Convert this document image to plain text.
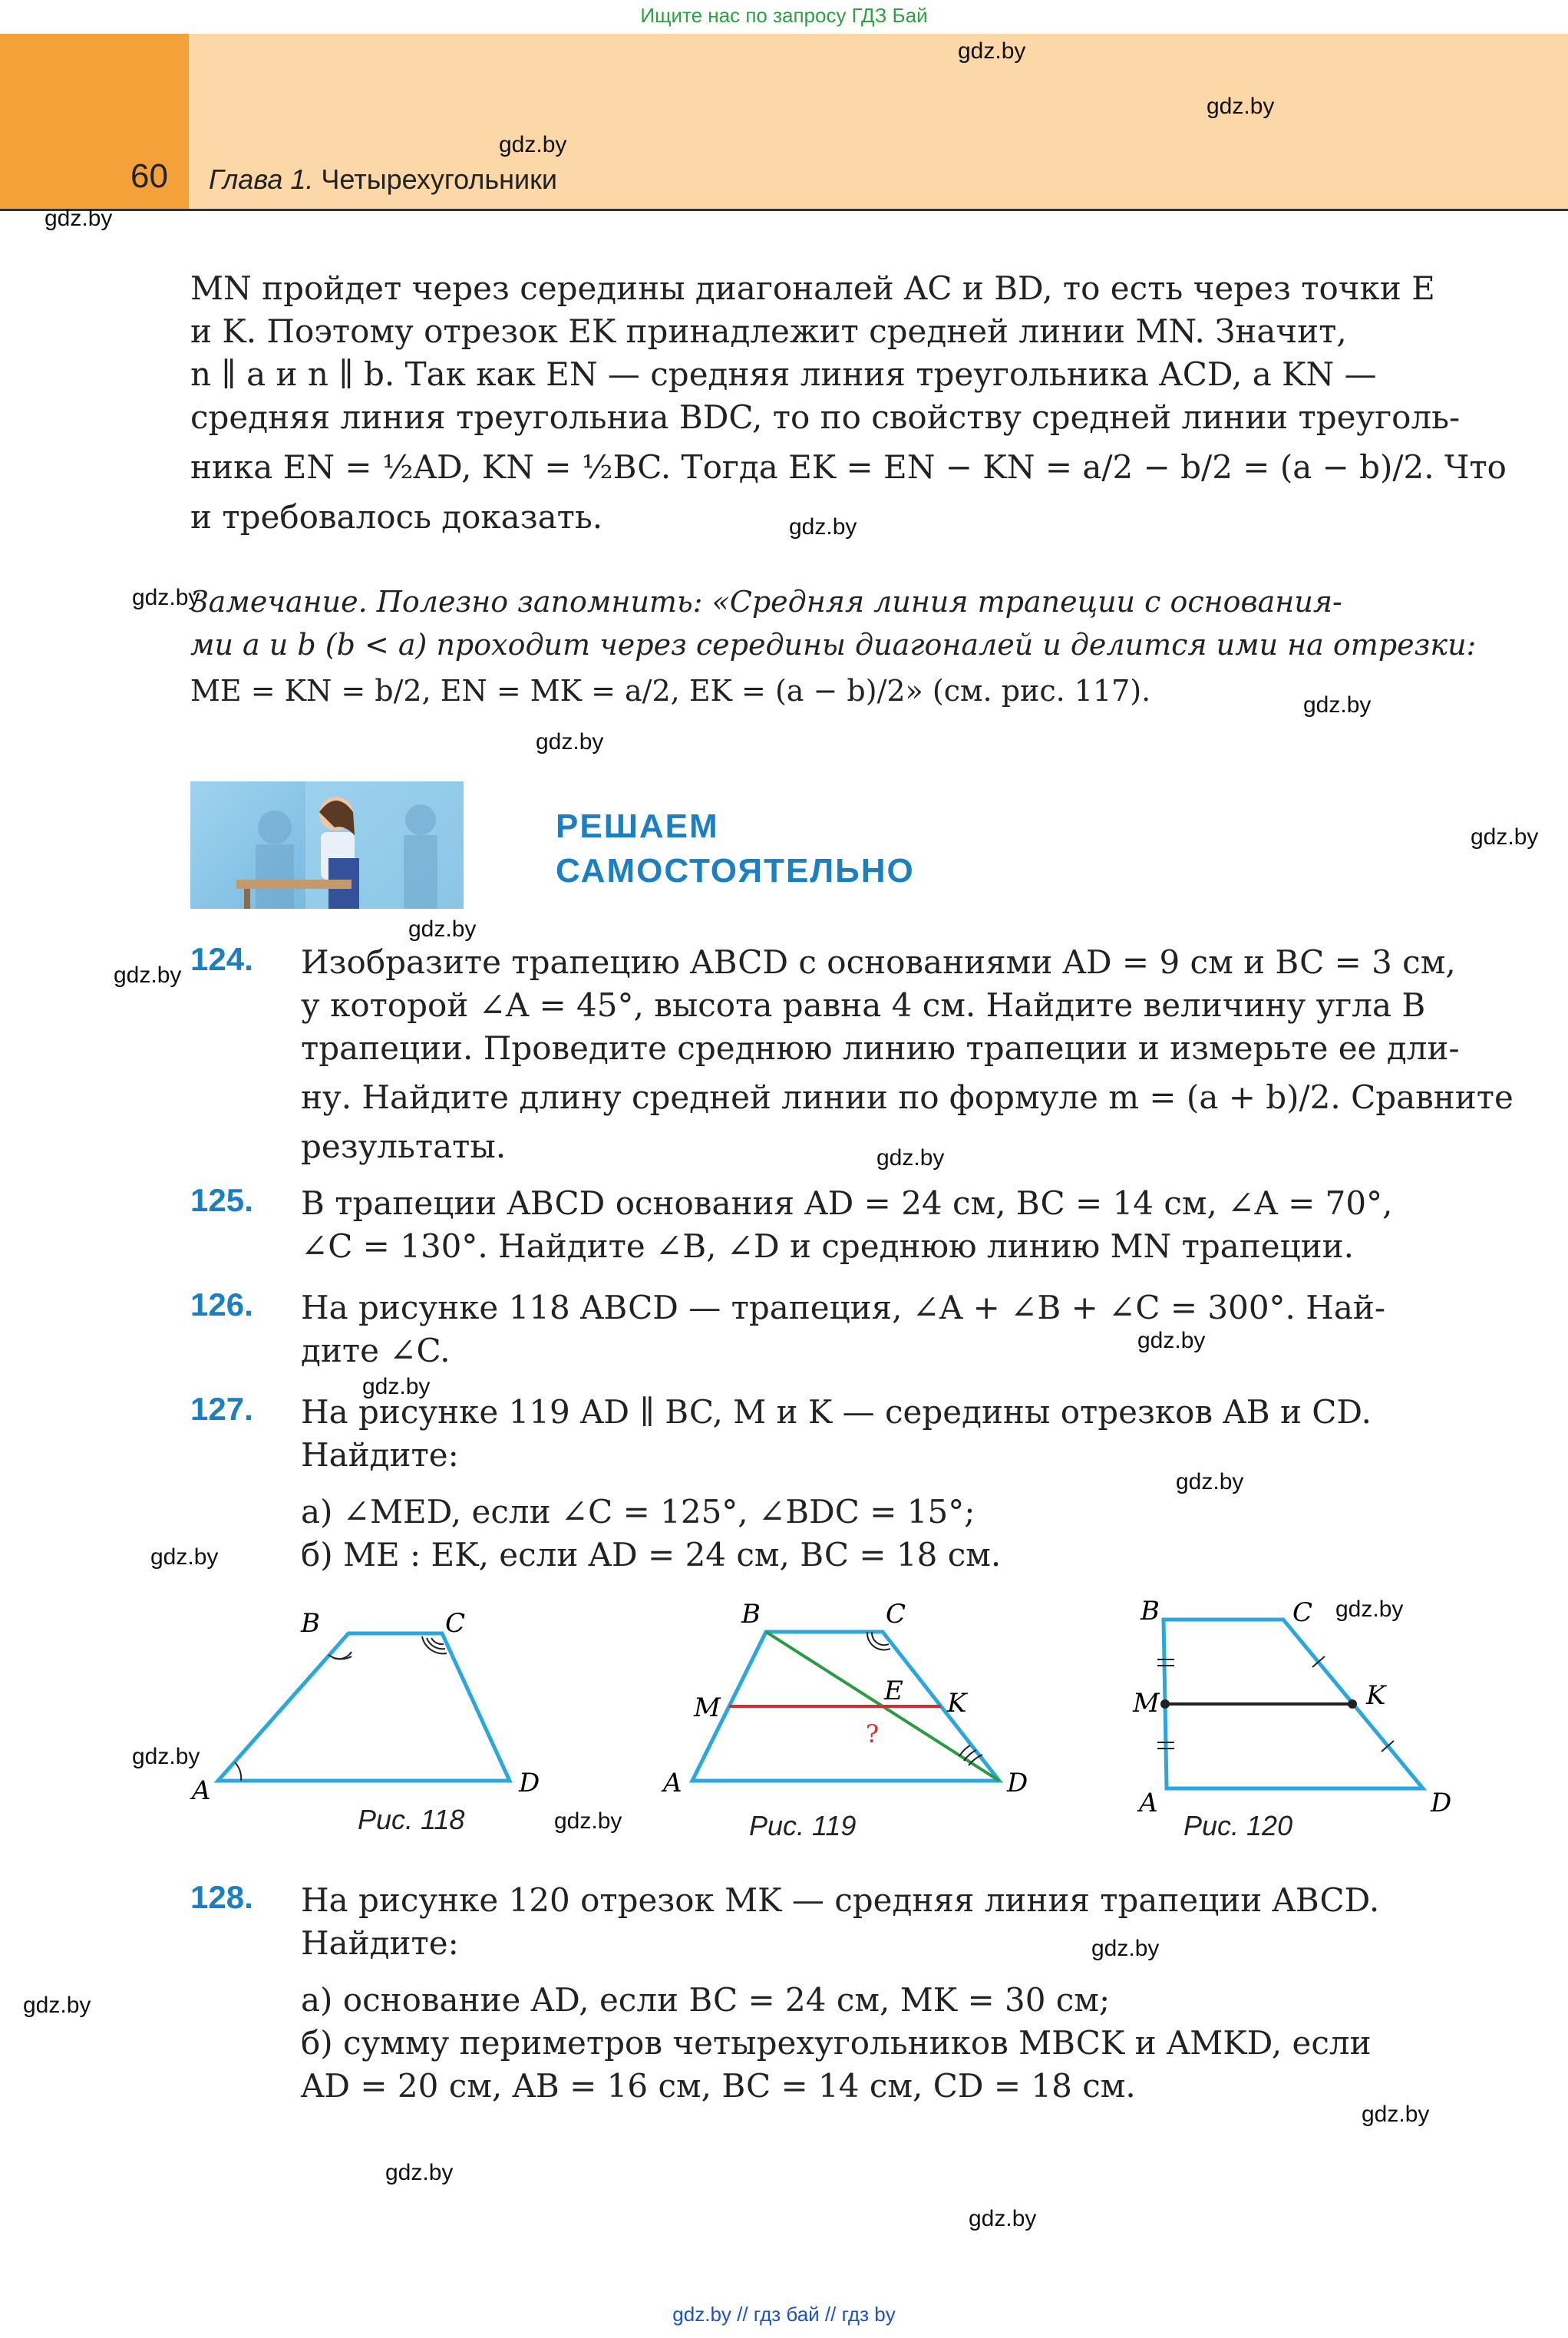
Ищите нас по запросу ГДЗ Бай
60 Глава 1. Четырехугольники
gdz.by
gdz.by
gdz.by
gdz.by
gdz.by
gdz.by
gdz.by
gdz.by
gdz.by
gdz.by
gdz.by
gdz.by
gdz.by
gdz.by
gdz.by
gdz.by
gdz.by
gdz.by
gdz.by
gdz.by
gdz.by
gdz.by
gdz.by
gdz.by
MN пройдет через середины диагоналей AC и BD, то есть через точки E
и K. Поэтому отрезок EK принадлежит средней линии MN. Значит,
n ∥ a и n ∥ b. Так как EN — средняя линия треугольника ACD, а KN —
средняя линия треугольниа BDC, то по свойству средней линии треуголь-
ника EN = ½AD, KN = ½BC. Тогда EK = EN − KN = a/2 − b/2 = (a − b)/2. Что
и требовалось доказать.
Замечание. Полезно запомнить: «Средняя линия трапеции с основания-
ми a и b (b < a) проходит через середины диагоналей и делится ими на отрезки:
ME = KN = b/2, EN = MK = a/2, EK = (a − b)/2» (см. рис. 117).
РЕШАЕМ
САМОСТОЯТЕЛЬНО
124. Изобразите трапецию ABCD с основаниями AD = 9 см и BC = 3 см,
у которой ∠A = 45°, высота равна 4 см. Найдите величину угла B
трапеции. Проведите среднюю линию трапеции и измерьте ее дли-
ну. Найдите длину средней линии по формуле m = (a + b)/2. Сравните
результаты.
125. В трапеции ABCD основания AD = 24 см, BC = 14 см, ∠A = 70°,
∠C = 130°. Найдите ∠B, ∠D и среднюю линию MN трапеции.
126. На рисунке 118 ABCD — трапеция, ∠A + ∠B + ∠C = 300°. Най-
дите ∠C.
127. На рисунке 119 AD ∥ BC, M и K — середины отрезков AB и CD.
Найдите:
а) ∠MED, если ∠C = 125°, ∠BDC = 15°;
б) ME : EK, если AD = 24 см, BC = 18 см.
A
B	C
D	A
B	C
D
M
E K
?
A
B	C
D
M	K
Рис. 118	Рис. 119	Рис. 120
128. На рисунке 120 отрезок MK — средняя линия трапеции ABCD.
Найдите:
а) основание AD, если BC = 24 см, MK = 30 см;
б) сумму периметров четырехугольников MBCK и AMKD, если
AD = 20 см, AB = 16 см, BC = 14 см, CD = 18 см.
gdz.by // гдз бай // гдз by
